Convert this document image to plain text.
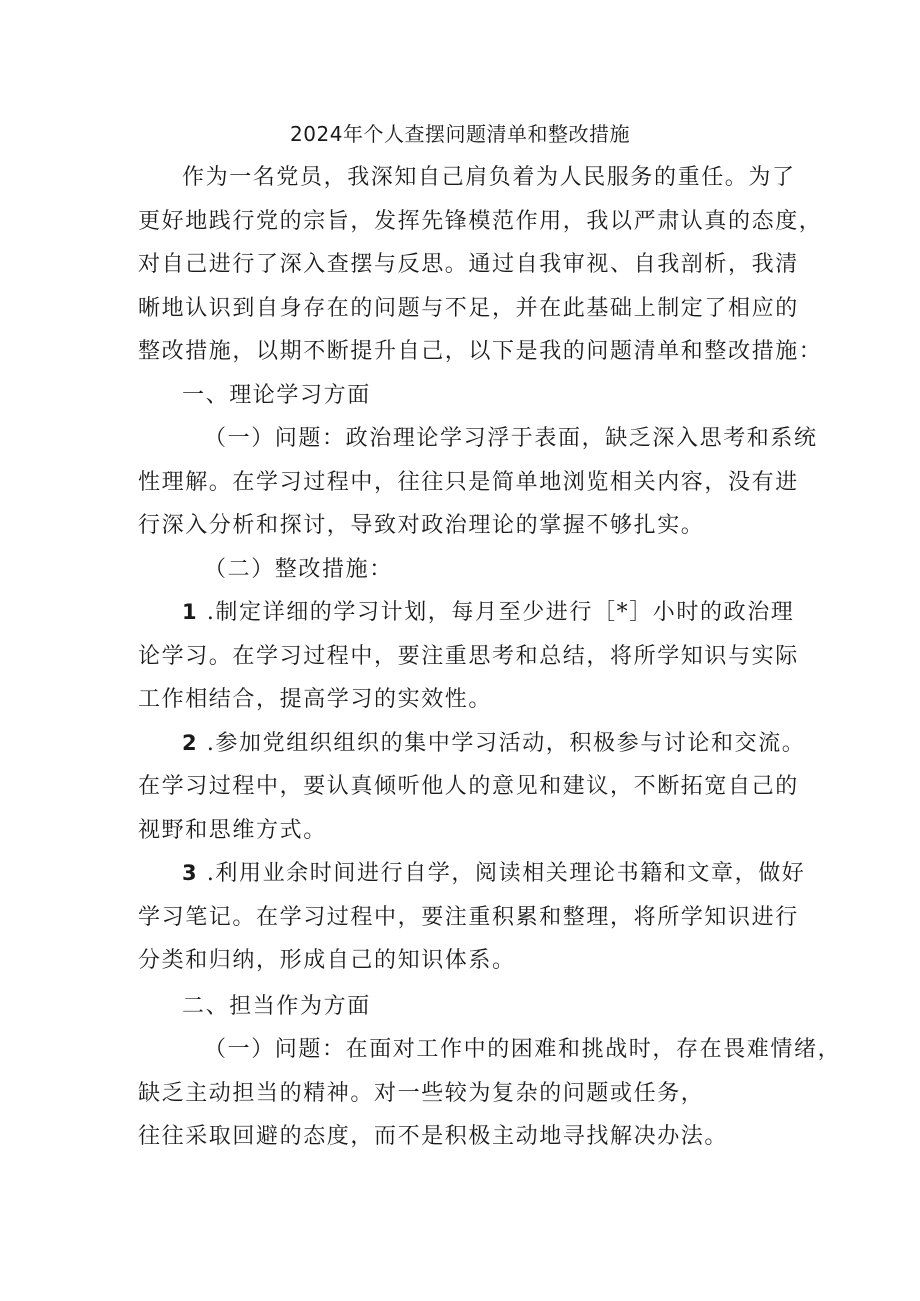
2024年个人查摆问题清单和整改措施

作为一名党员，我深知自己肩负着为人民服务的重任。为了
更好地践行党的宗旨，发挥先锋模范作用，我以严肃认真的态度，
对自己进行了深入查摆与反思。通过自我审视、自我剖析，我清
晰地认识到自身存在的问题与不足，并在此基础上制定了相应的
整改措施，以期不断提升自己，以下是我的问题清单和整改措施：

一、理论学习方面

（一）问题：政治理论学习浮于表面，缺乏深入思考和系统
性理解。在学习过程中，往往只是简单地浏览相关内容，没有进
行深入分析和探讨，导致对政治理论的掌握不够扎实。

（二）整改措施：

1 .制定详细的学习计划，每月至少进行［*］小时的政治理
论学习。在学习过程中，要注重思考和总结，将所学知识与实际
工作相结合，提高学习的实效性。

2 .参加党组织组织的集中学习活动，积极参与讨论和交流。
在学习过程中，要认真倾听他人的意见和建议，不断拓宽自己的
视野和思维方式。

3 .利用业余时间进行自学，阅读相关理论书籍和文章，做好
学习笔记。在学习过程中，要注重积累和整理，将所学知识进行
分类和归纳，形成自己的知识体系。

二、担当作为方面

（一）问题：在面对工作中的困难和挑战时，存在畏难情绪，
缺乏主动担当的精神。对一些较为复杂的问题或任务，
往往采取回避的态度，而不是积极主动地寻找解决办法。
